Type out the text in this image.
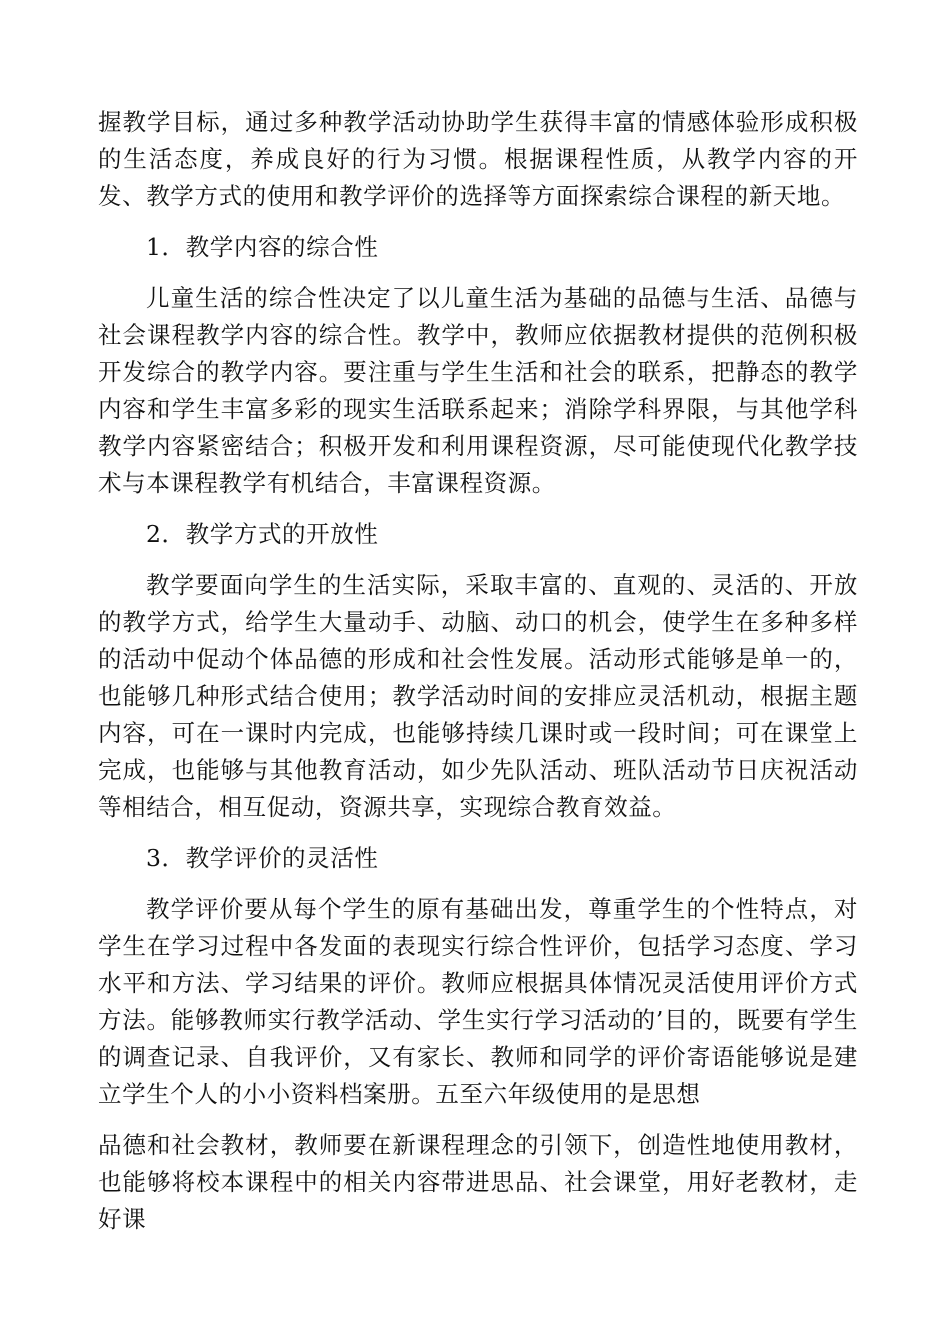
握教学目标，通过多种教学活动协助学生获得丰富的情感体验形成积极的生活态度，养成良好的行为习惯。根据课程性质，从教学内容的开发、教学方式的使用和教学评价的选择等方面探索综合课程的新天地。

1．教学内容的综合性

儿童生活的综合性决定了以儿童生活为基础的品德与生活、品德与社会课程教学内容的综合性。教学中，教师应依据教材提供的范例积极开发综合的教学内容。要注重与学生生活和社会的联系，把静态的教学内容和学生丰富多彩的现实生活联系起来；消除学科界限，与其他学科教学内容紧密结合；积极开发和利用课程资源，尽可能使现代化教学技术与本课程教学有机结合，丰富课程资源。

2．教学方式的开放性

教学要面向学生的生活实际，采取丰富的、直观的、灵活的、开放的教学方式，给学生大量动手、动脑、动口的机会，使学生在多种多样的活动中促动个体品德的形成和社会性发展。活动形式能够是单一的，也能够几种形式结合使用；教学活动时间的安排应灵活机动，根据主题内容，可在一课时内完成，也能够持续几课时或一段时间；可在课堂上完成，也能够与其他教育活动，如少先队活动、班队活动节日庆祝活动等相结合，相互促动，资源共享，实现综合教育效益。

3．教学评价的灵活性

教学评价要从每个学生的原有基础出发，尊重学生的个性特点，对学生在学习过程中各发面的表现实行综合性评价，包括学习态度、学习水平和方法、学习结果的评价。教师应根据具体情况灵活使用评价方式方法。能够教师实行教学活动、学生实行学习活动的’目的，既要有学生的调查记录、自我评价，又有家长、教师和同学的评价寄语能够说是建立学生个人的小小资料档案册。五至六年级使用的是思想

品德和社会教材，教师要在新课程理念的引领下，创造性地使用教材，也能够将校本课程中的相关内容带进思品、社会课堂，用好老教材，走好课
